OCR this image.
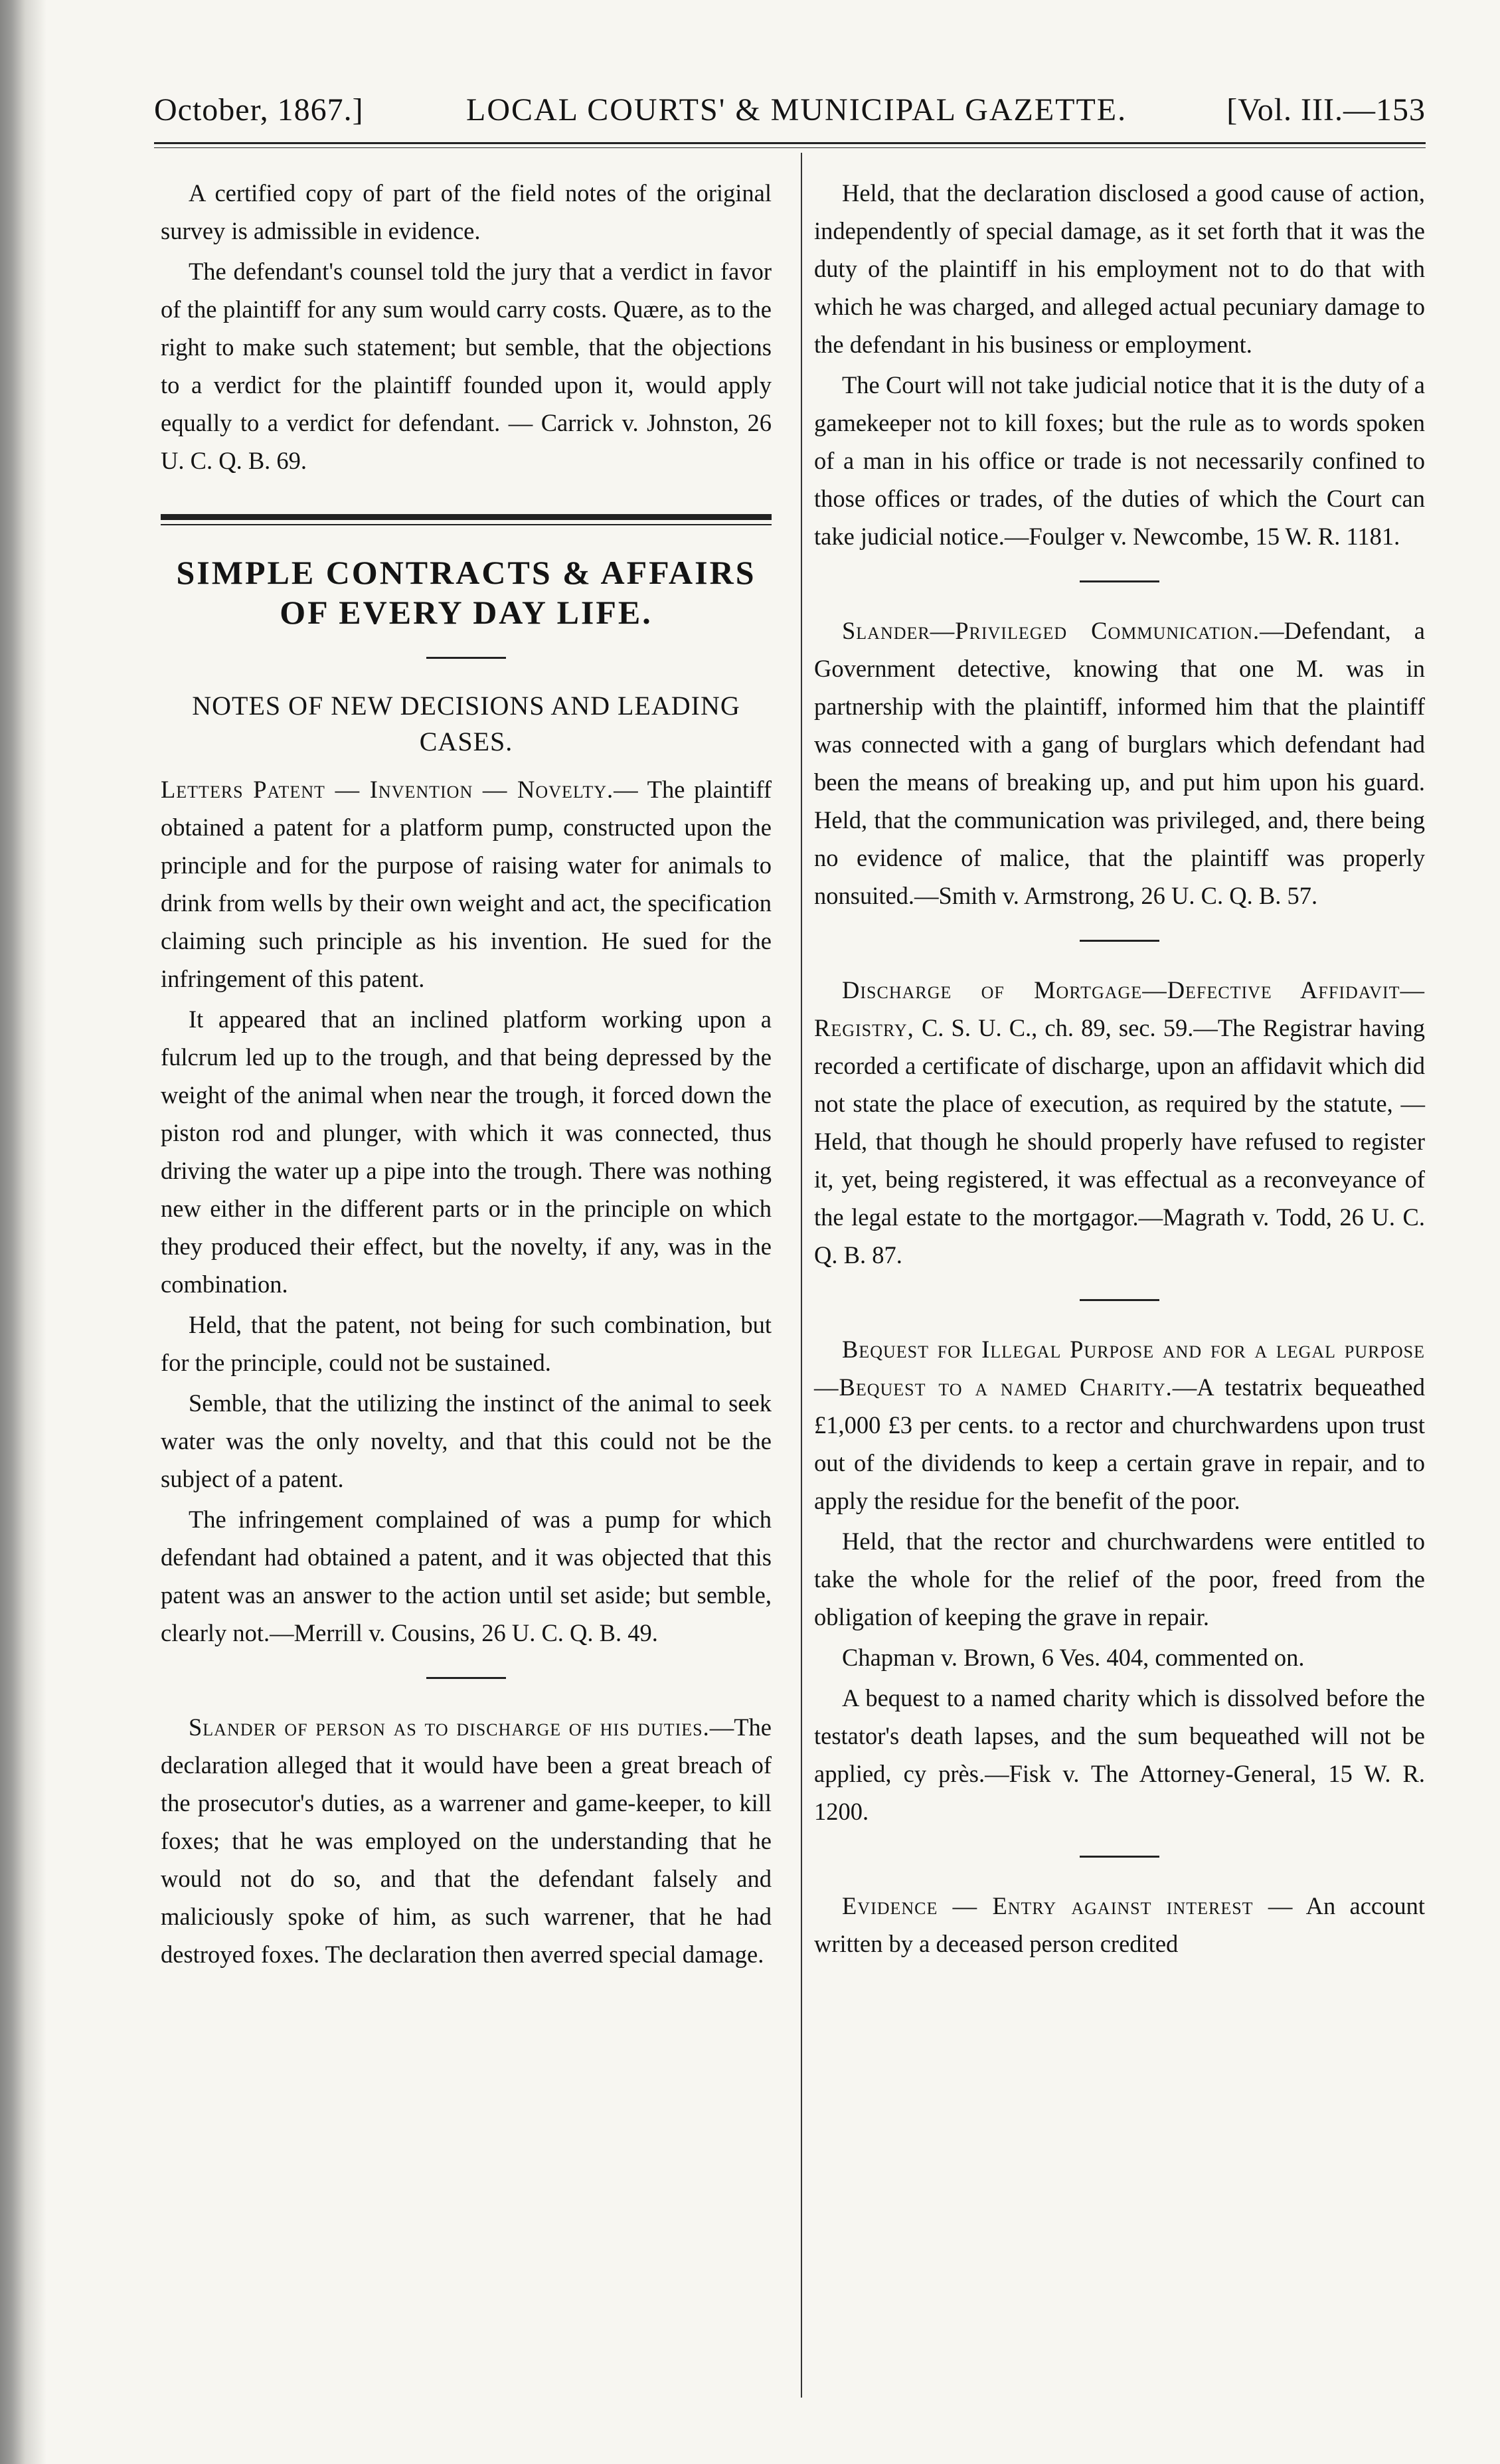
October, 1867.]	LOCAL COURTS' & MUNICIPAL GAZETTE.	[Vol. III.—153

A certified copy of part of the field notes of the original survey is admissible in evidence.

The defendant's counsel told the jury that a verdict in favor of the plaintiff for any sum would carry costs. Quære, as to the right to make such statement; but semble, that the objections to a verdict for the plaintiff founded upon it, would apply equally to a verdict for defendant. — Carrick v. Johnston, 26 U. C. Q. B. 69.

SIMPLE CONTRACTS & AFFAIRS
OF EVERY DAY LIFE.
NOTES OF NEW DECISIONS AND LEADING
CASES.

Letters Patent — Invention — Novelty.— The plaintiff obtained a patent for a platform pump, constructed upon the principle and for the purpose of raising water for animals to drink from wells by their own weight and act, the specification claiming such principle as his invention. He sued for the infringement of this patent.

It appeared that an inclined platform working upon a fulcrum led up to the trough, and that being depressed by the weight of the animal when near the trough, it forced down the piston rod and plunger, with which it was connected, thus driving the water up a pipe into the trough. There was nothing new either in the different parts or in the principle on which they produced their effect, but the novelty, if any, was in the combination.

Held, that the patent, not being for such combination, but for the principle, could not be sustained.

Semble, that the utilizing the instinct of the animal to seek water was the only novelty, and that this could not be the subject of a patent.

The infringement complained of was a pump for which defendant had obtained a patent, and it was objected that this patent was an answer to the action until set aside; but semble, clearly not.—Merrill v. Cousins, 26 U. C. Q. B. 49.

Slander of person as to discharge of his duties.—The declaration alleged that it would have been a great breach of the prosecutor's duties, as a warrener and game-keeper, to kill foxes; that he was employed on the understanding that he would not do so, and that the defendant falsely and maliciously spoke of him, as such warrener, that he had destroyed foxes. The declaration then averred special damage.

Held, that the declaration disclosed a good cause of action, independently of special damage, as it set forth that it was the duty of the plaintiff in his employment not to do that with which he was charged, and alleged actual pecuniary damage to the defendant in his business or employment.

The Court will not take judicial notice that it is the duty of a gamekeeper not to kill foxes; but the rule as to words spoken of a man in his office or trade is not necessarily confined to those offices or trades, of the duties of which the Court can take judicial notice.—Foulger v. Newcombe, 15 W. R. 1181.

Slander—Privileged Communication.—Defendant, a Government detective, knowing that one M. was in partnership with the plaintiff, informed him that the plaintiff was connected with a gang of burglars which defendant had been the means of breaking up, and put him upon his guard. Held, that the communication was privileged, and, there being no evidence of malice, that the plaintiff was properly nonsuited.—Smith v. Armstrong, 26 U. C. Q. B. 57.

Discharge of Mortgage—Defective Affidavit—Registry, C. S. U. C., ch. 89, sec. 59.—The Registrar having recorded a certificate of discharge, upon an affidavit which did not state the place of execution, as required by the statute, —Held, that though he should properly have refused to register it, yet, being registered, it was effectual as a reconveyance of the legal estate to the mortgagor.—Magrath v. Todd, 26 U. C. Q. B. 87.

Bequest for Illegal Purpose and for a legal purpose—Bequest to a named Charity.—A testatrix bequeathed £1,000 £3 per cents. to a rector and churchwardens upon trust out of the dividends to keep a certain grave in repair, and to apply the residue for the benefit of the poor.

Held, that the rector and churchwardens were entitled to take the whole for the relief of the poor, freed from the obligation of keeping the grave in repair.

Chapman v. Brown, 6 Ves. 404, commented on.

A bequest to a named charity which is dissolved before the testator's death lapses, and the sum bequeathed will not be applied, cy près.—Fisk v. The Attorney-General, 15 W. R. 1200.

Evidence — Entry against interest — An account written by a deceased person credited
